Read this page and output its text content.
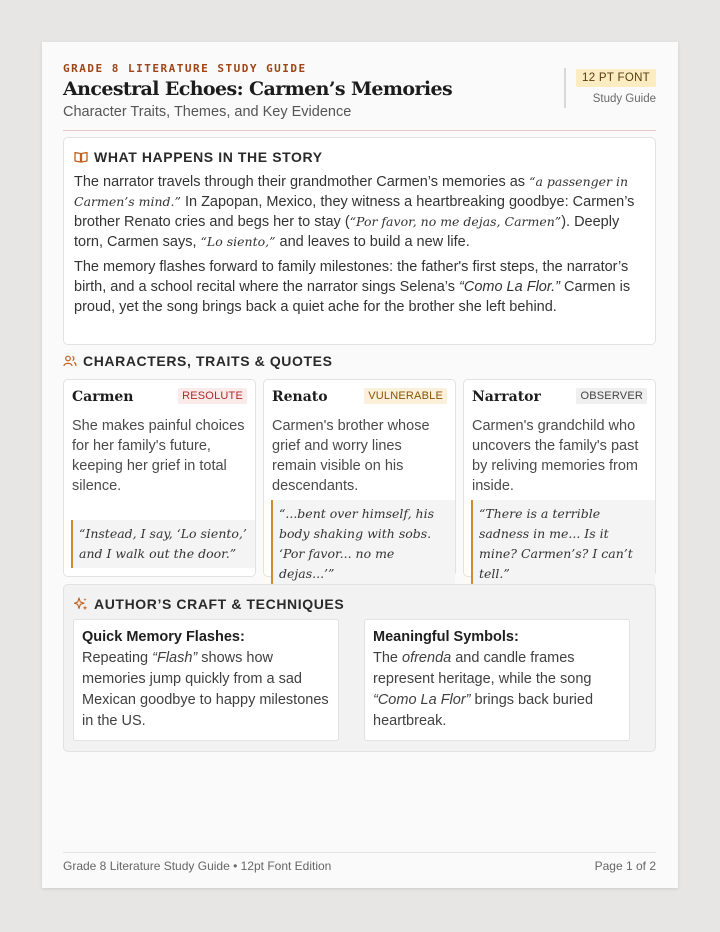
GRADE 8 LITERATURE STUDY GUIDE
Ancestral Echoes: Carmen’s Memories
Character Traits, Themes, and Key Evidence
12 PT FONT
Study Guide
WHAT HAPPENS IN THE STORY

The narrator travels through their grandmother Carmen’s memories as “a passenger in Carmen’s mind.” In Zapopan, Mexico, they witness a heartbreaking goodbye: Carmen’s brother Renato cries and begs her to stay (“Por favor, no me dejas, Carmen”). Deeply torn, Carmen says, “Lo siento,” and leaves to build a new life.

The memory flashes forward to family milestones: the father's first steps, the narrator’s birth, and a school recital where the narrator sings Selena’s “Como La Flor.” Carmen is proud, yet the song brings back a quiet ache for the brother she left behind.

CHARACTERS, TRAITS & QUOTES
Carmen	RESOLUTE
She makes painful choices for her family's future, keeping her grief in total silence.
“Instead, I say, ‘Lo siento,’ and I walk out the door.”
Renato	VULNERABLE
Carmen's brother whose grief and worry lines remain visible on his descendants.
“...bent over himself, his body shaking with sobs. ‘Por favor... no me dejas...’”
Narrator	OBSERVER
Carmen's grandchild who uncovers the family's past by reliving memories from inside.
“There is a terrible sadness in me... Is it mine? Carmen’s? I can’t tell.”
AUTHOR’S CRAFT & TECHNIQUES
Quick Memory Flashes:
Repeating “Flash” shows how memories jump quickly from a sad Mexican goodbye to happy milestones in the US.
Meaningful Symbols:
The ofrenda and candle frames represent heritage, while the song “Como La Flor” brings back buried heartbreak.
Grade 8 Literature Study Guide • 12pt Font Edition	Page 1 of 2
